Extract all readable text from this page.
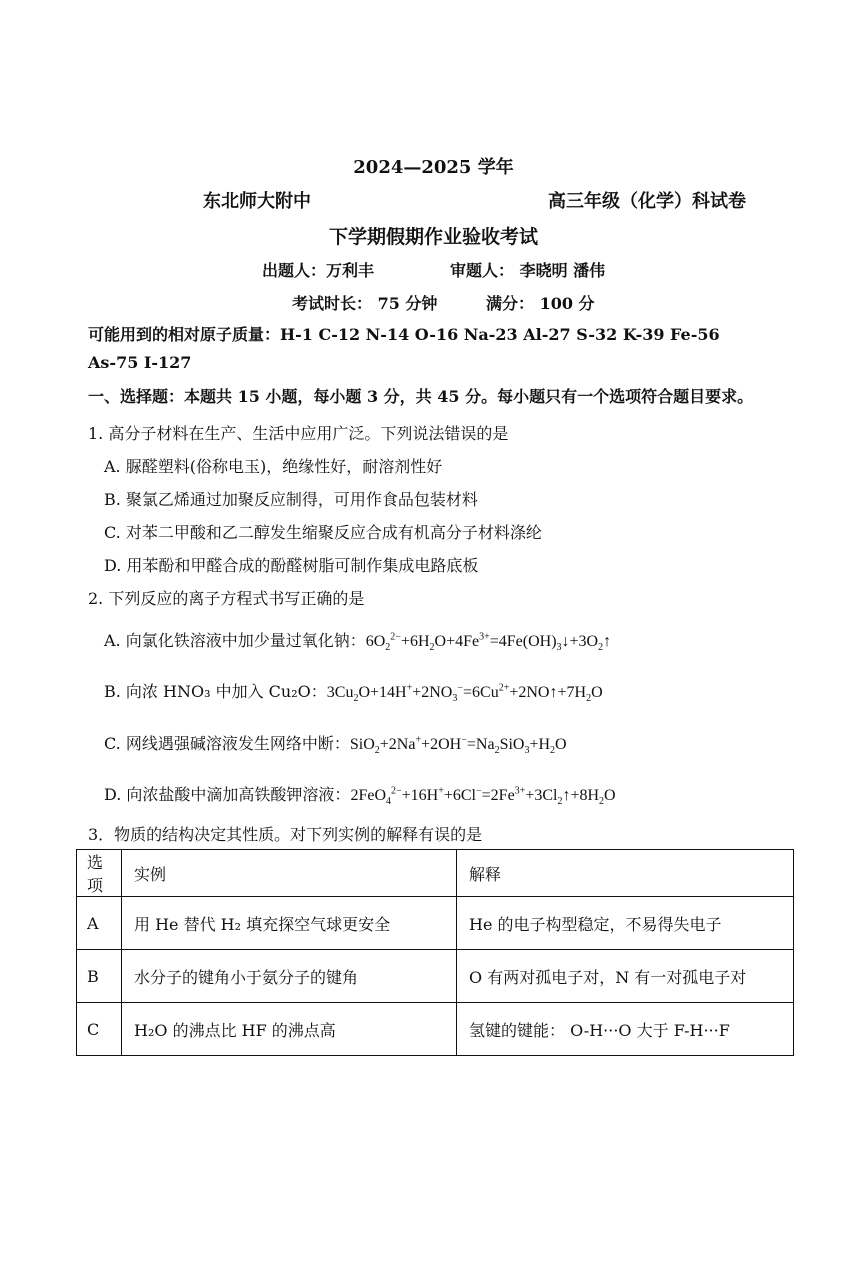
2024—2025 学年
东北师大附中	高三年级（化学）科试卷
下学期假期作业验收考试
出题人：万利丰	审题人： 李晓明 潘伟
考试时长： 75 分钟	满分： 100 分
可能用到的相对原子质量：H-1 C-12 N-14 O-16 Na-23 Al-27 S-32 K-39 Fe-56
As-75 I-127
一、选择题：本题共 15 小题，每小题 3 分，共 45 分。每小题只有一个选项符合题目要求。
1. 高分子材料在生产、生活中应用广泛。下列说法错误的是
A. 脲醛塑料(俗称电玉)，绝缘性好，耐溶剂性好
B. 聚氯乙烯通过加聚反应制得，可用作食品包装材料
C. 对苯二甲酸和乙二醇发生缩聚反应合成有机高分子材料涤纶
D. 用苯酚和甲醛合成的酚醛树脂可制作集成电路底板
2. 下列反应的离子方程式书写正确的是
A. 向氯化铁溶液中加少量过氧化钠：$6O_2^{2-}+6H_2O+4Fe^{3+}=4Fe(OH)_3↓+3O_2↑$
B. 向浓 HNO₃ 中加入 Cu₂O：$3Cu_2O+14H^++2NO_3^-=6Cu^{2+}+2NO↑+7H_2O$
C. 网线遇强碱溶液发生网络中断：$SiO_2+2Na^++2OH^-=Na_2SiO_3+H_2O$
D. 向浓盐酸中滴加高铁酸钾溶液：$2FeO_4^{2-}+16H^++6Cl^-=2Fe^{3+}+3Cl_2↑+8H_2O$
3．物质的结构决定其性质。对下列实例的解释有误的是
选项	实例	解释
A	用 He 替代 H₂ 填充探空气球更安全	He 的电子构型稳定，不易得失电子
B	水分子的键角小于氨分子的键角	O 有两对孤电子对，N 有一对孤电子对
C	H₂O 的沸点比 HF 的沸点高	氢键的键能： O-H···O 大于 F-H···F
